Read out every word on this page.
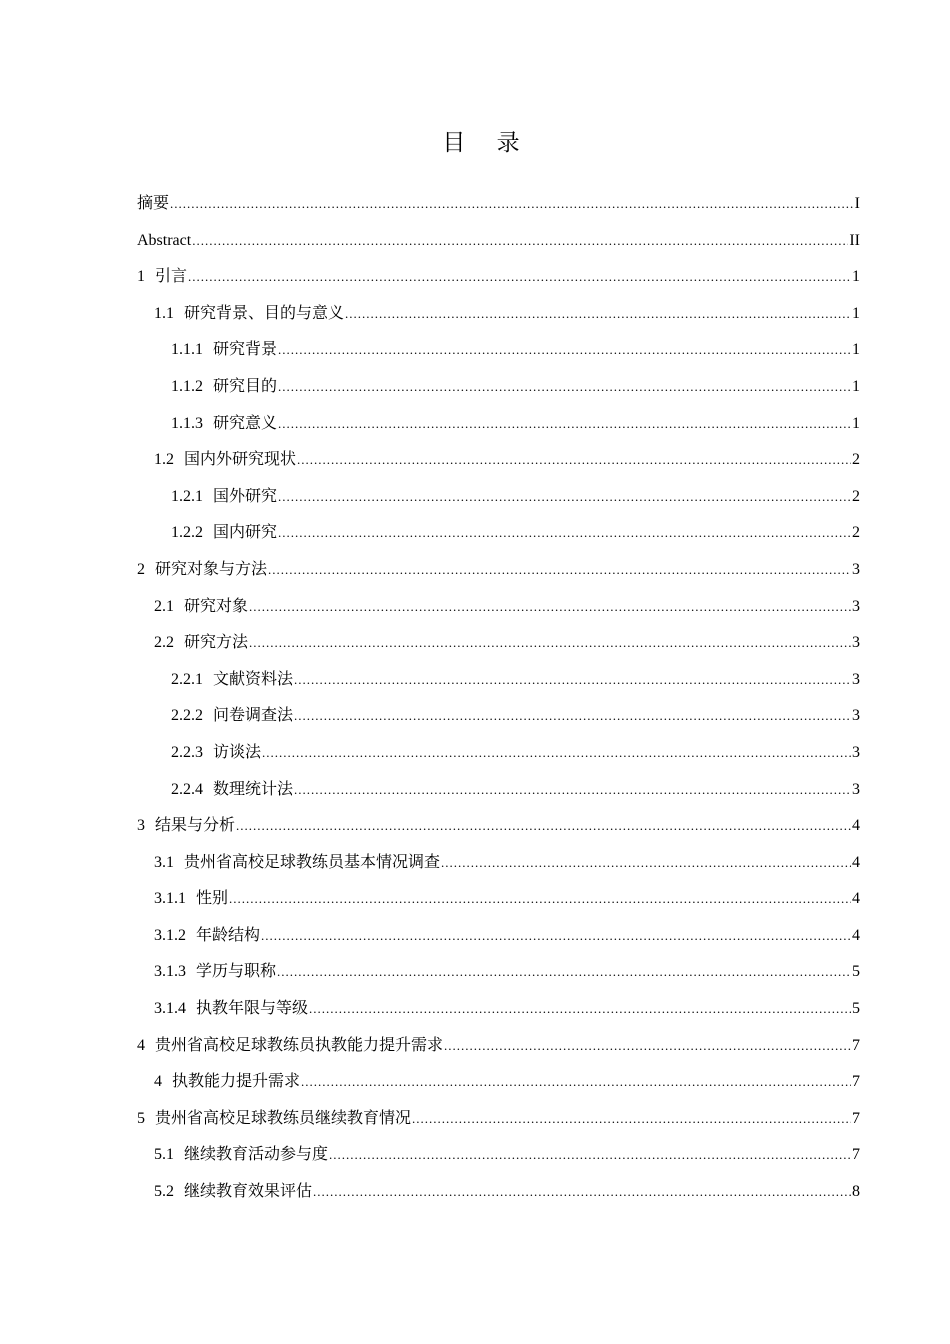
目 录
摘要 .....	I
Abstract .....	II
1 引言 .....	1
1.1 研究背景、目的与意义 .....	1
1.1.1 研究背景 .....	1
1.1.2 研究目的 .....	1
1.1.3 研究意义 .....	1
1.2 国内外研究现状 .....	2
1.2.1 国外研究 .....	2
1.2.2 国内研究 .....	2
2 研究对象与方法 .....	3
2.1 研究对象 .....	3
2.2 研究方法 .....	3
2.2.1 文献资料法 .....	3
2.2.2 问卷调查法 .....	3
2.2.3 访谈法 .....	3
2.2.4 数理统计法 .....	3
3 结果与分析 .....	4
3.1 贵州省高校足球教练员基本情况调查 .....	4
3.1.1 性别 .....	4
3.1.2 年龄结构 .....	4
3.1.3 学历与职称 .....	5
3.1.4 执教年限与等级 .....	5
4 贵州省高校足球教练员执教能力提升需求 .....	7
4 执教能力提升需求 .....	7
5 贵州省高校足球教练员继续教育情况 .....	7
5.1 继续教育活动参与度 .....	7
5.2 继续教育效果评估 .....	8
